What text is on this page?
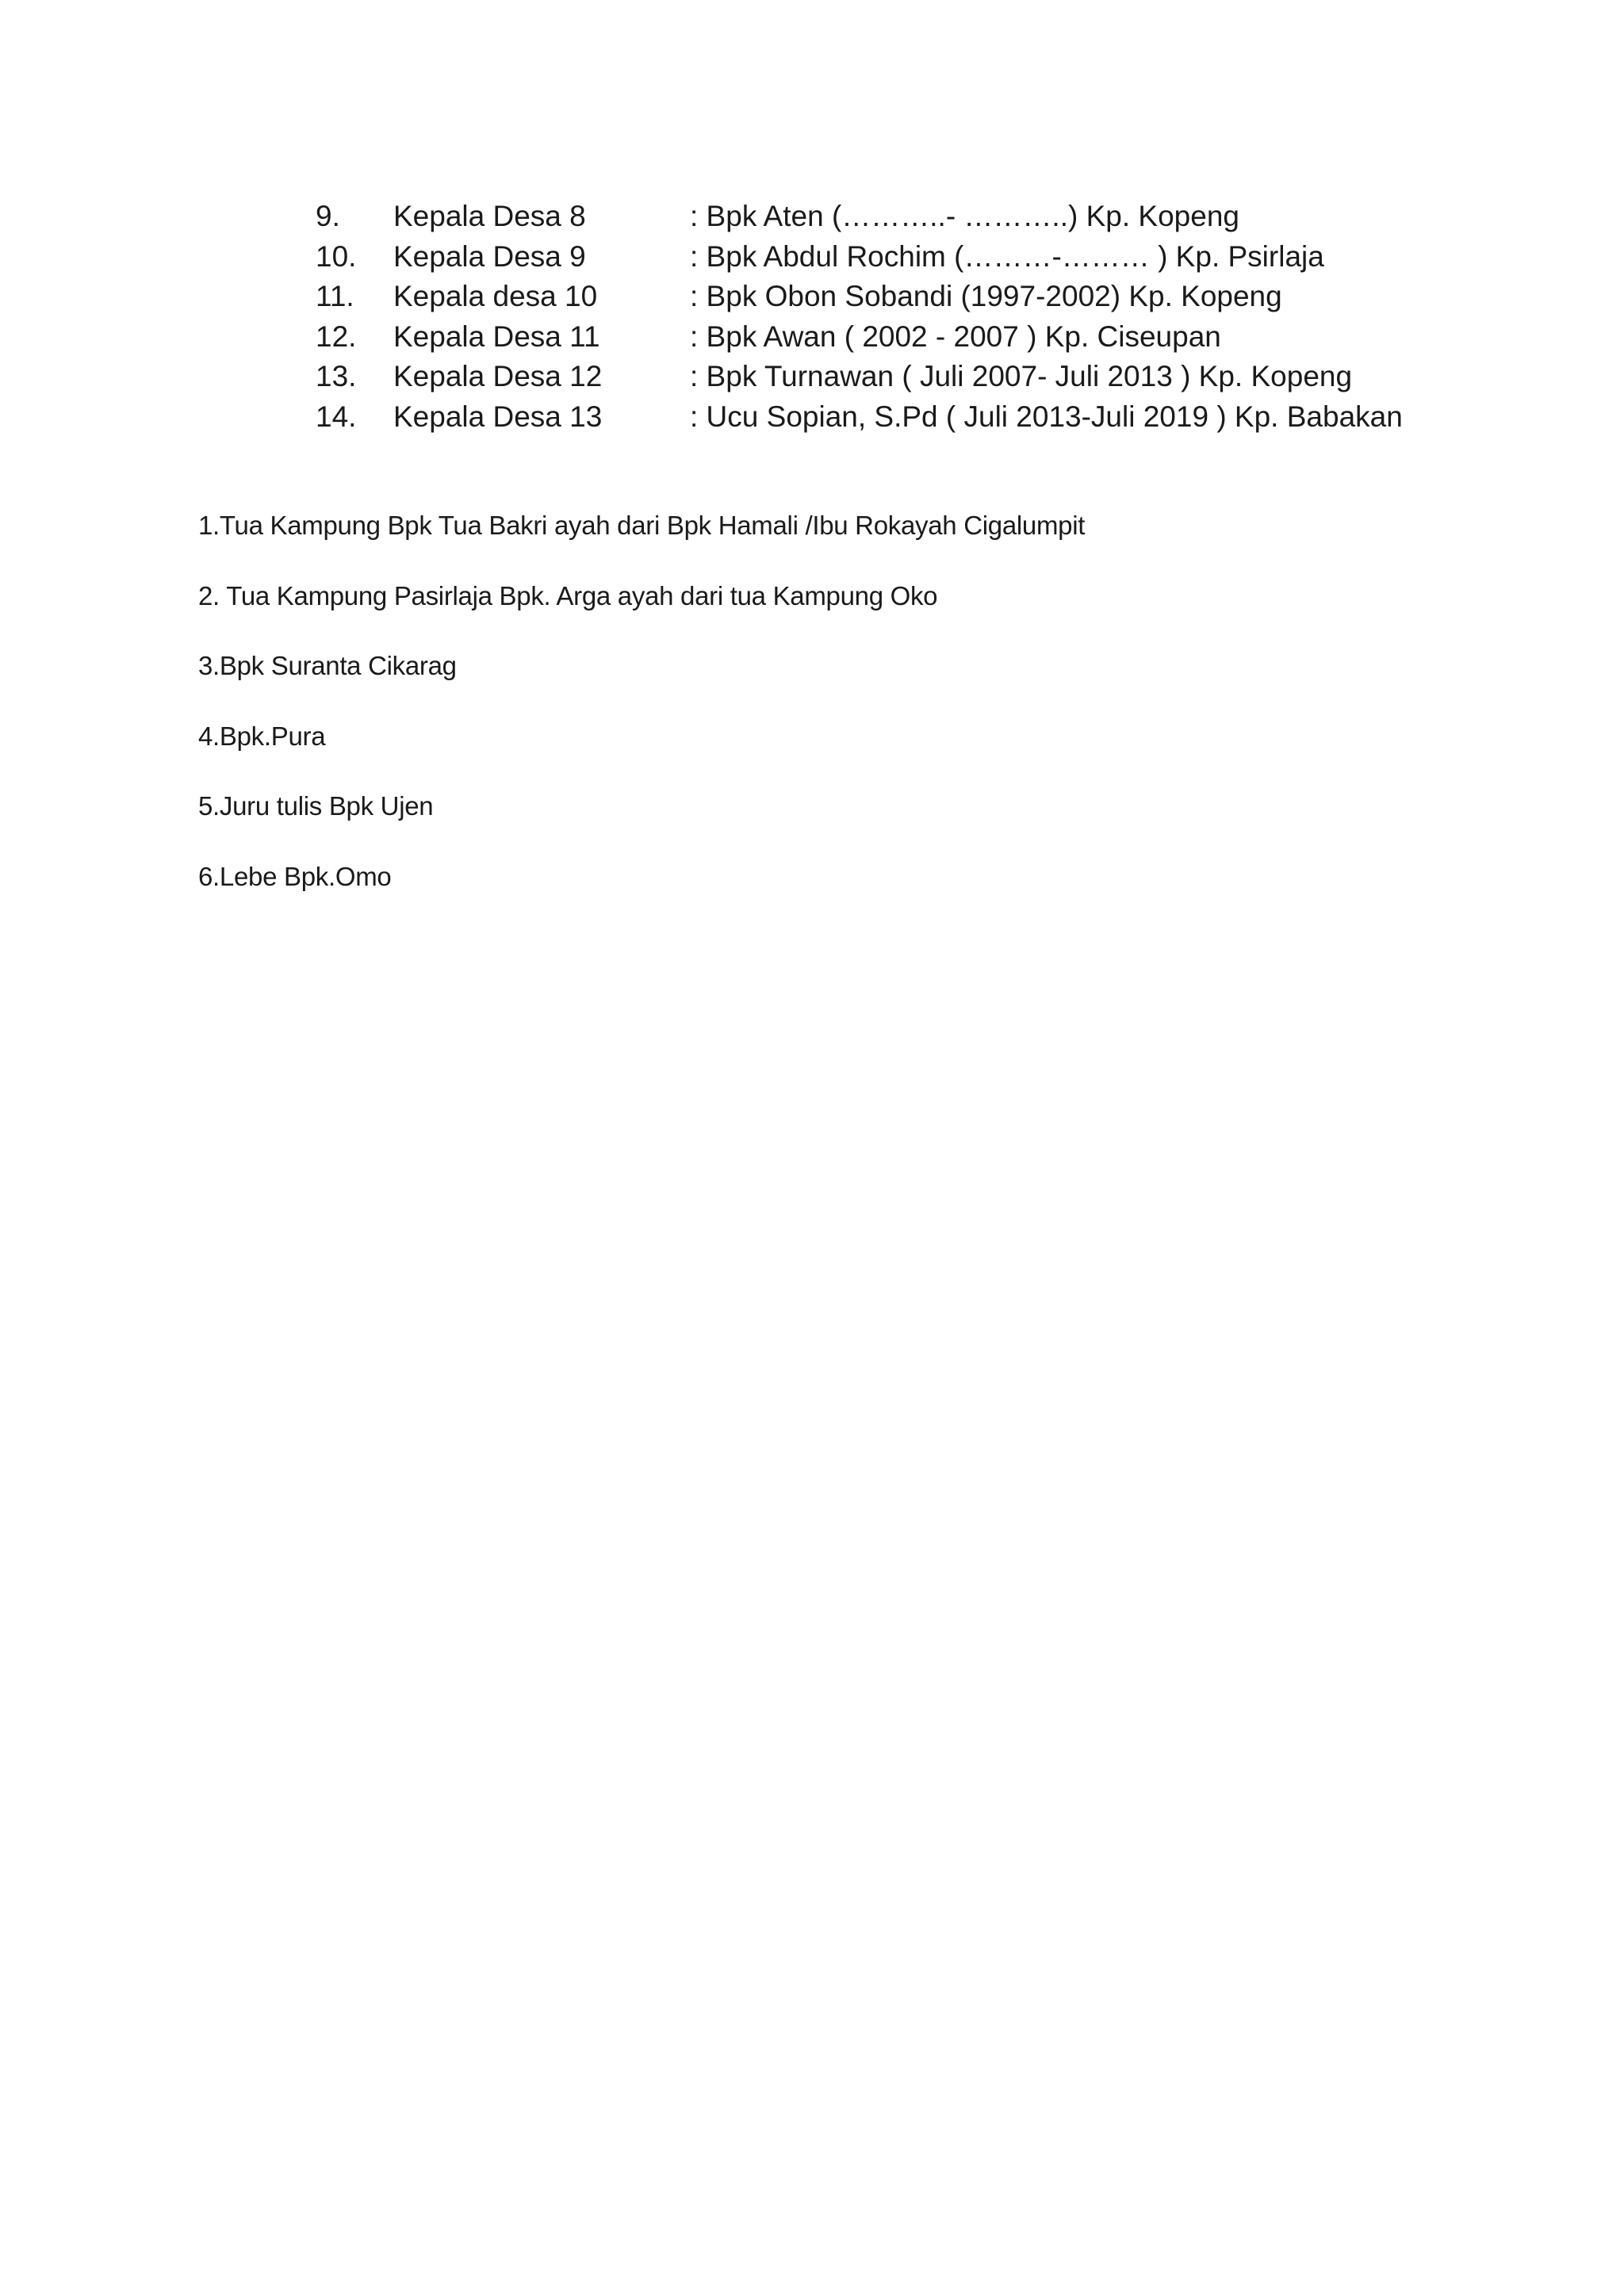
9. Kepala Desa 8	: Bpk Aten (………..- ………..) Kp. Kopeng
10. Kepala Desa 9	: Bpk Abdul Rochim (………-……… ) Kp. Psirlaja
11. Kepala desa 10	: Bpk Obon Sobandi (1997-2002) Kp. Kopeng
12. Kepala Desa 11	: Bpk Awan ( 2002 - 2007 ) Kp. Ciseupan
13. Kepala Desa 12	: Bpk Turnawan ( Juli 2007- Juli 2013 ) Kp. Kopeng
14. Kepala Desa 13	: Ucu Sopian, S.Pd ( Juli 2013-Juli 2019 ) Kp. Babakan
1.Tua Kampung Bpk Tua Bakri ayah dari Bpk Hamali /Ibu Rokayah Cigalumpit
2. Tua Kampung Pasirlaja Bpk. Arga ayah dari tua Kampung Oko
3.Bpk Suranta Cikarag
4.Bpk.Pura
5.Juru tulis Bpk Ujen
6.Lebe Bpk.Omo
